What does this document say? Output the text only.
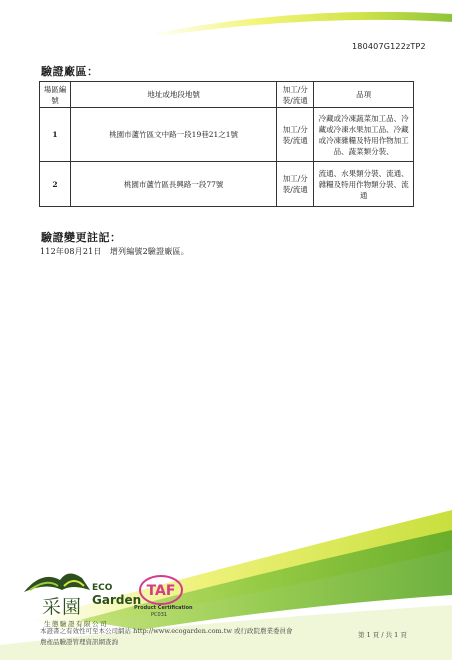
180407G122zTP2
驗證廠區：
場區編號	地址或地段地號	加工/分裝/流通	品項
1	桃園市蘆竹區文中路一段19巷21之1號	加工/分裝/流通	冷藏或冷凍蔬菜加工品、冷藏或冷凍水果加工品、冷藏或冷凍雜糧及特用作物加工品、蔬菜類分裝、
2	桃園市蘆竹區長興路一段77號	加工/分裝/流通	流通、水果類分裝、流通、雜糧及特用作物類分裝、流通
驗證變更註記：
112年08月21日　增列編號2驗證廠區。
采園
ECO
Garden
生態驗證有限公司
TAF
Product Certification
PC031
本證書之有效性可至本公司網站 http://www.ecogarden.com.tw 或行政院農業委員會
農產品驗證管理資訊網查詢
第 1 頁 / 共 1 頁
